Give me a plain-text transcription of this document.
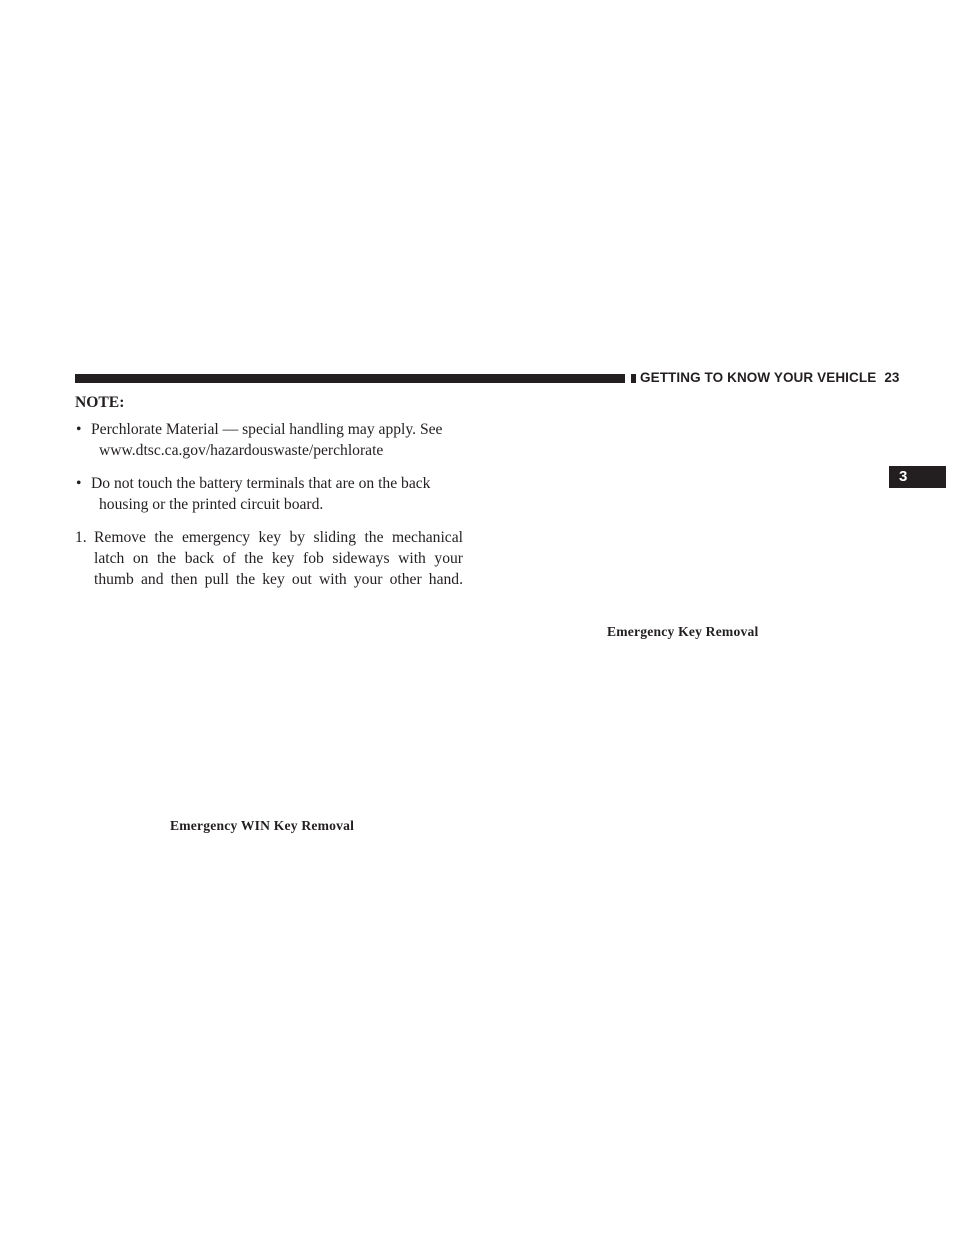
GETTING TO KNOW YOUR VEHICLE 23
3

NOTE:

• Perchlorate Material — special handling may apply. See
www.dtsc.ca.gov/hazardouswaste/perchlorate
• Do not touch the battery terminals that are on the back
housing or the printed circuit board.
1. Remove the emergency key by sliding the mechanical
latch on the back of the key fob sideways with your
thumb and then pull the key out with your other hand.
Emergency Key Removal
Emergency WIN Key Removal
